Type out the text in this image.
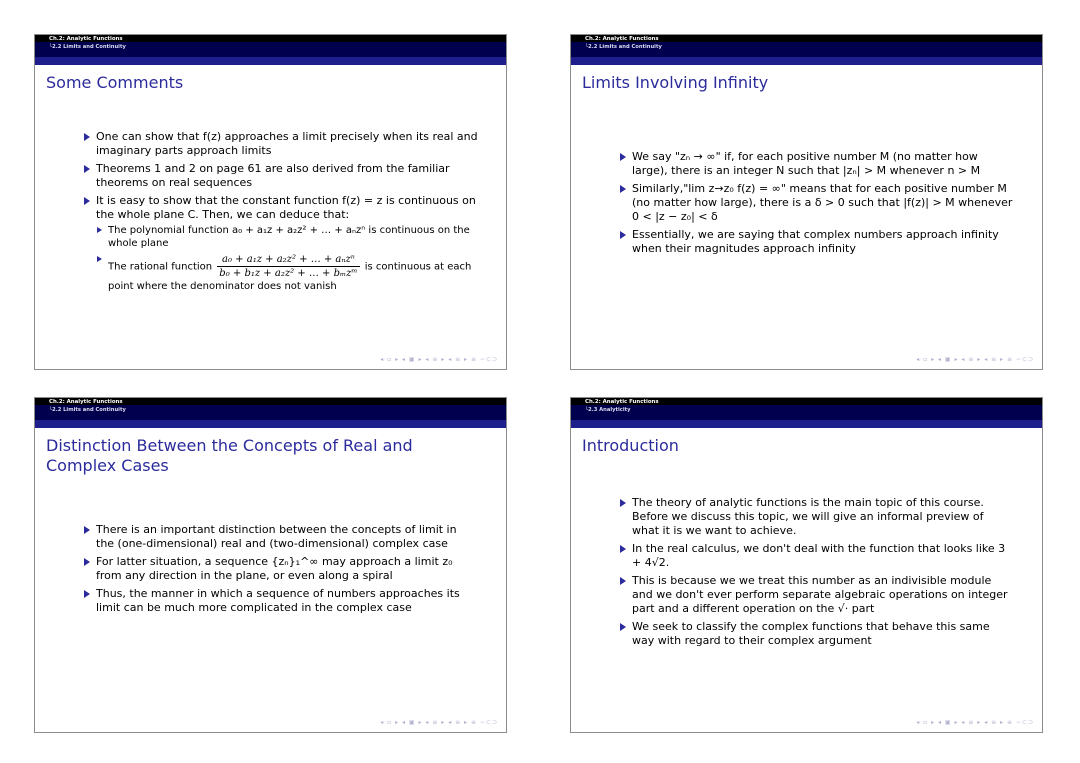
Ch.2: Analytic Functions
└2.2 Limits and Continuity
Some Comments
One can show that f(z) approaches a limit precisely when its real and imaginary parts approach limits
Theorems 1 and 2 on page 61 are also derived from the familiar theorems on real sequences
It is easy to show that the constant function f(z) = z is continuous on the whole plane C. Then, we can deduce that:
The polynomial function a₀ + a₁z + a₂z² + … + aₙzⁿ is continuous on the whole plane
The rational function $\frac{\text{a₀ + a₁z + a₂z² + … + aₙzⁿ}}{\text{b₀ + b₁z + a₂z² + … + bₘzᵐ}}$ is continuous at each point where the denominator does not vanish
◂ ▫ ▸ ◂ ▣ ▸ ◂ ≡ ▸ ◂ ≡ ▸ ≡ ∽⊂⊃
Ch.2: Analytic Functions
└2.2 Limits and Continuity
Limits Involving Infinity
We say "zₙ → ∞" if, for each positive number M (no matter how large), there is an integer N such that |zₙ| > M whenever n > M
Similarly,"lim z→z₀ f(z) = ∞" means that for each positive number M (no matter how large), there is a δ > 0 such that |f(z)| > M whenever 0 < |z − z₀| < δ
Essentially, we are saying that complex numbers approach infinity when their magnitudes approach infinity
◂ ▫ ▸ ◂ ▣ ▸ ◂ ≡ ▸ ◂ ≡ ▸ ≡ ∽⊂⊃
Ch.2: Analytic Functions
└2.2 Limits and Continuity
Distinction Between the Concepts of Real and Complex Cases
There is an important distinction between the concepts of limit in the (one-dimensional) real and (two-dimensional) complex case
For latter situation, a sequence {zₙ}₁^∞ may approach a limit z₀ from any direction in the plane, or even along a spiral
Thus, the manner in which a sequence of numbers approaches its limit can be much more complicated in the complex case
◂ ▫ ▸ ◂ ▣ ▸ ◂ ≡ ▸ ◂ ≡ ▸ ≡ ∽⊂⊃
Ch.2: Analytic Functions
└2.3 Analyticity
Introduction
The theory of analytic functions is the main topic of this course. Before we discuss this topic, we will give an informal preview of what it is we want to achieve.
In the real calculus, we don't deal with the function that looks like 3 + 4√2.
This is because we we treat this number as an indivisible module and we don't ever perform separate algebraic operations on integer part and a different operation on the √· part
We seek to classify the complex functions that behave this same way with regard to their complex argument
◂ ▫ ▸ ◂ ▣ ▸ ◂ ≡ ▸ ◂ ≡ ▸ ≡ ∽⊂⊃
